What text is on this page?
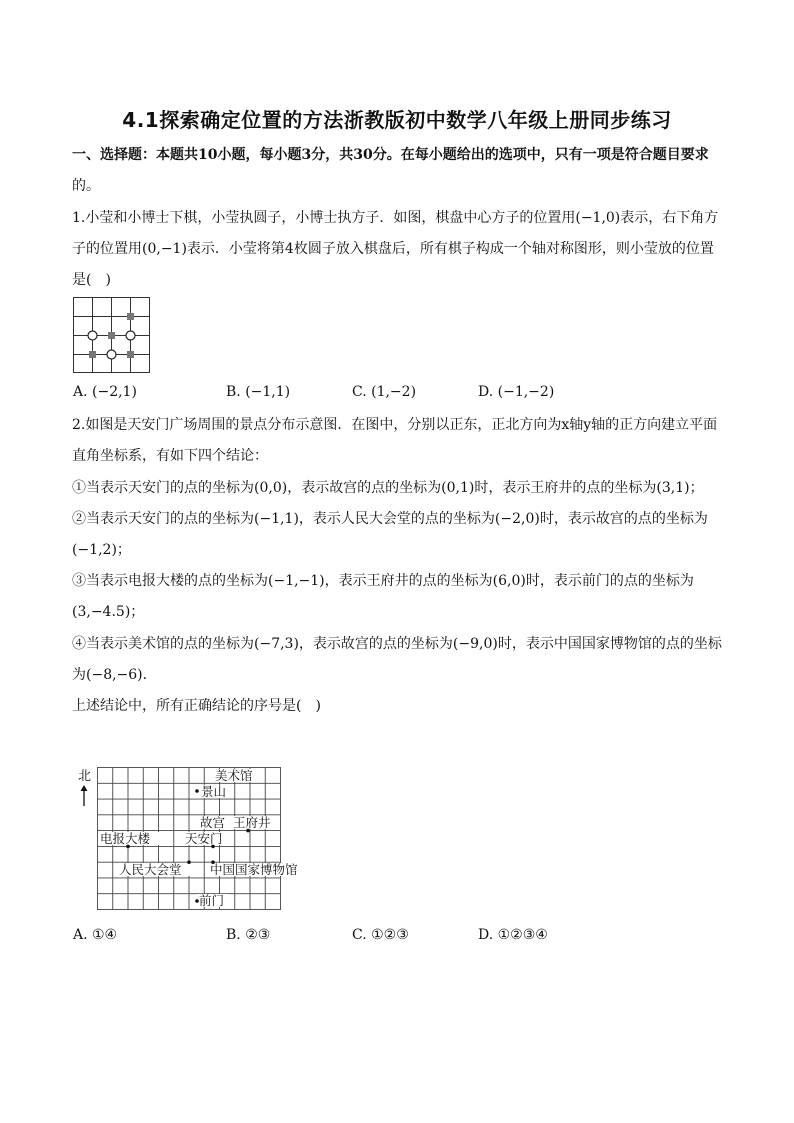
4.1探索确定位置的方法浙教版初中数学八年级上册同步练习
一、选择题：本题共10小题，每小题3分，共30分。在每小题给出的选项中，只有一项是符合题目要求
的。
1.小莹和小博士下棋，小莹执圆子，小博士执方子．如图，棋盘中心方子的位置用(−1,0)表示，右下角方
子的位置用(0,−1)表示．小莹将第4枚圆子放入棋盘后，所有棋子构成一个轴对称图形，则小莹放的位置
是(　)
A. (−2,1)	B. (−1,1)	C. (1,−2)	D. (−1,−2)
2.如图是天安门广场周围的景点分布示意图．在图中，分别以正东，正北方向为x轴y轴的正方向建立平面
直角坐标系，有如下四个结论：
①当表示天安门的点的坐标为(0,0)，表示故宫的点的坐标为(0,1)时，表示王府井的点的坐标为(3,1)；
②当表示天安门的点的坐标为(−1,1)，表示人民大会堂的点的坐标为(−2,0)时，表示故宫的点的坐标为
(−1,2)；
③当表示电报大楼的点的坐标为(−1,−1)，表示王府井的点的坐标为(6,0)时，表示前门的点的坐标为
(3,−4.5)；
④当表示美术馆的点的坐标为(−7,3)，表示故宫的点的坐标为(−9,0)时，表示中国国家博物馆的点的坐标
为(−8,−6)．
上述结论中，所有正确结论的序号是(　)
北	美术馆
景山
故宫 王府井
电报大楼	天安门
人民大会堂 中国国家博物馆
前门
A. ①④	B. ②③	C. ①②③	D. ①②③④
